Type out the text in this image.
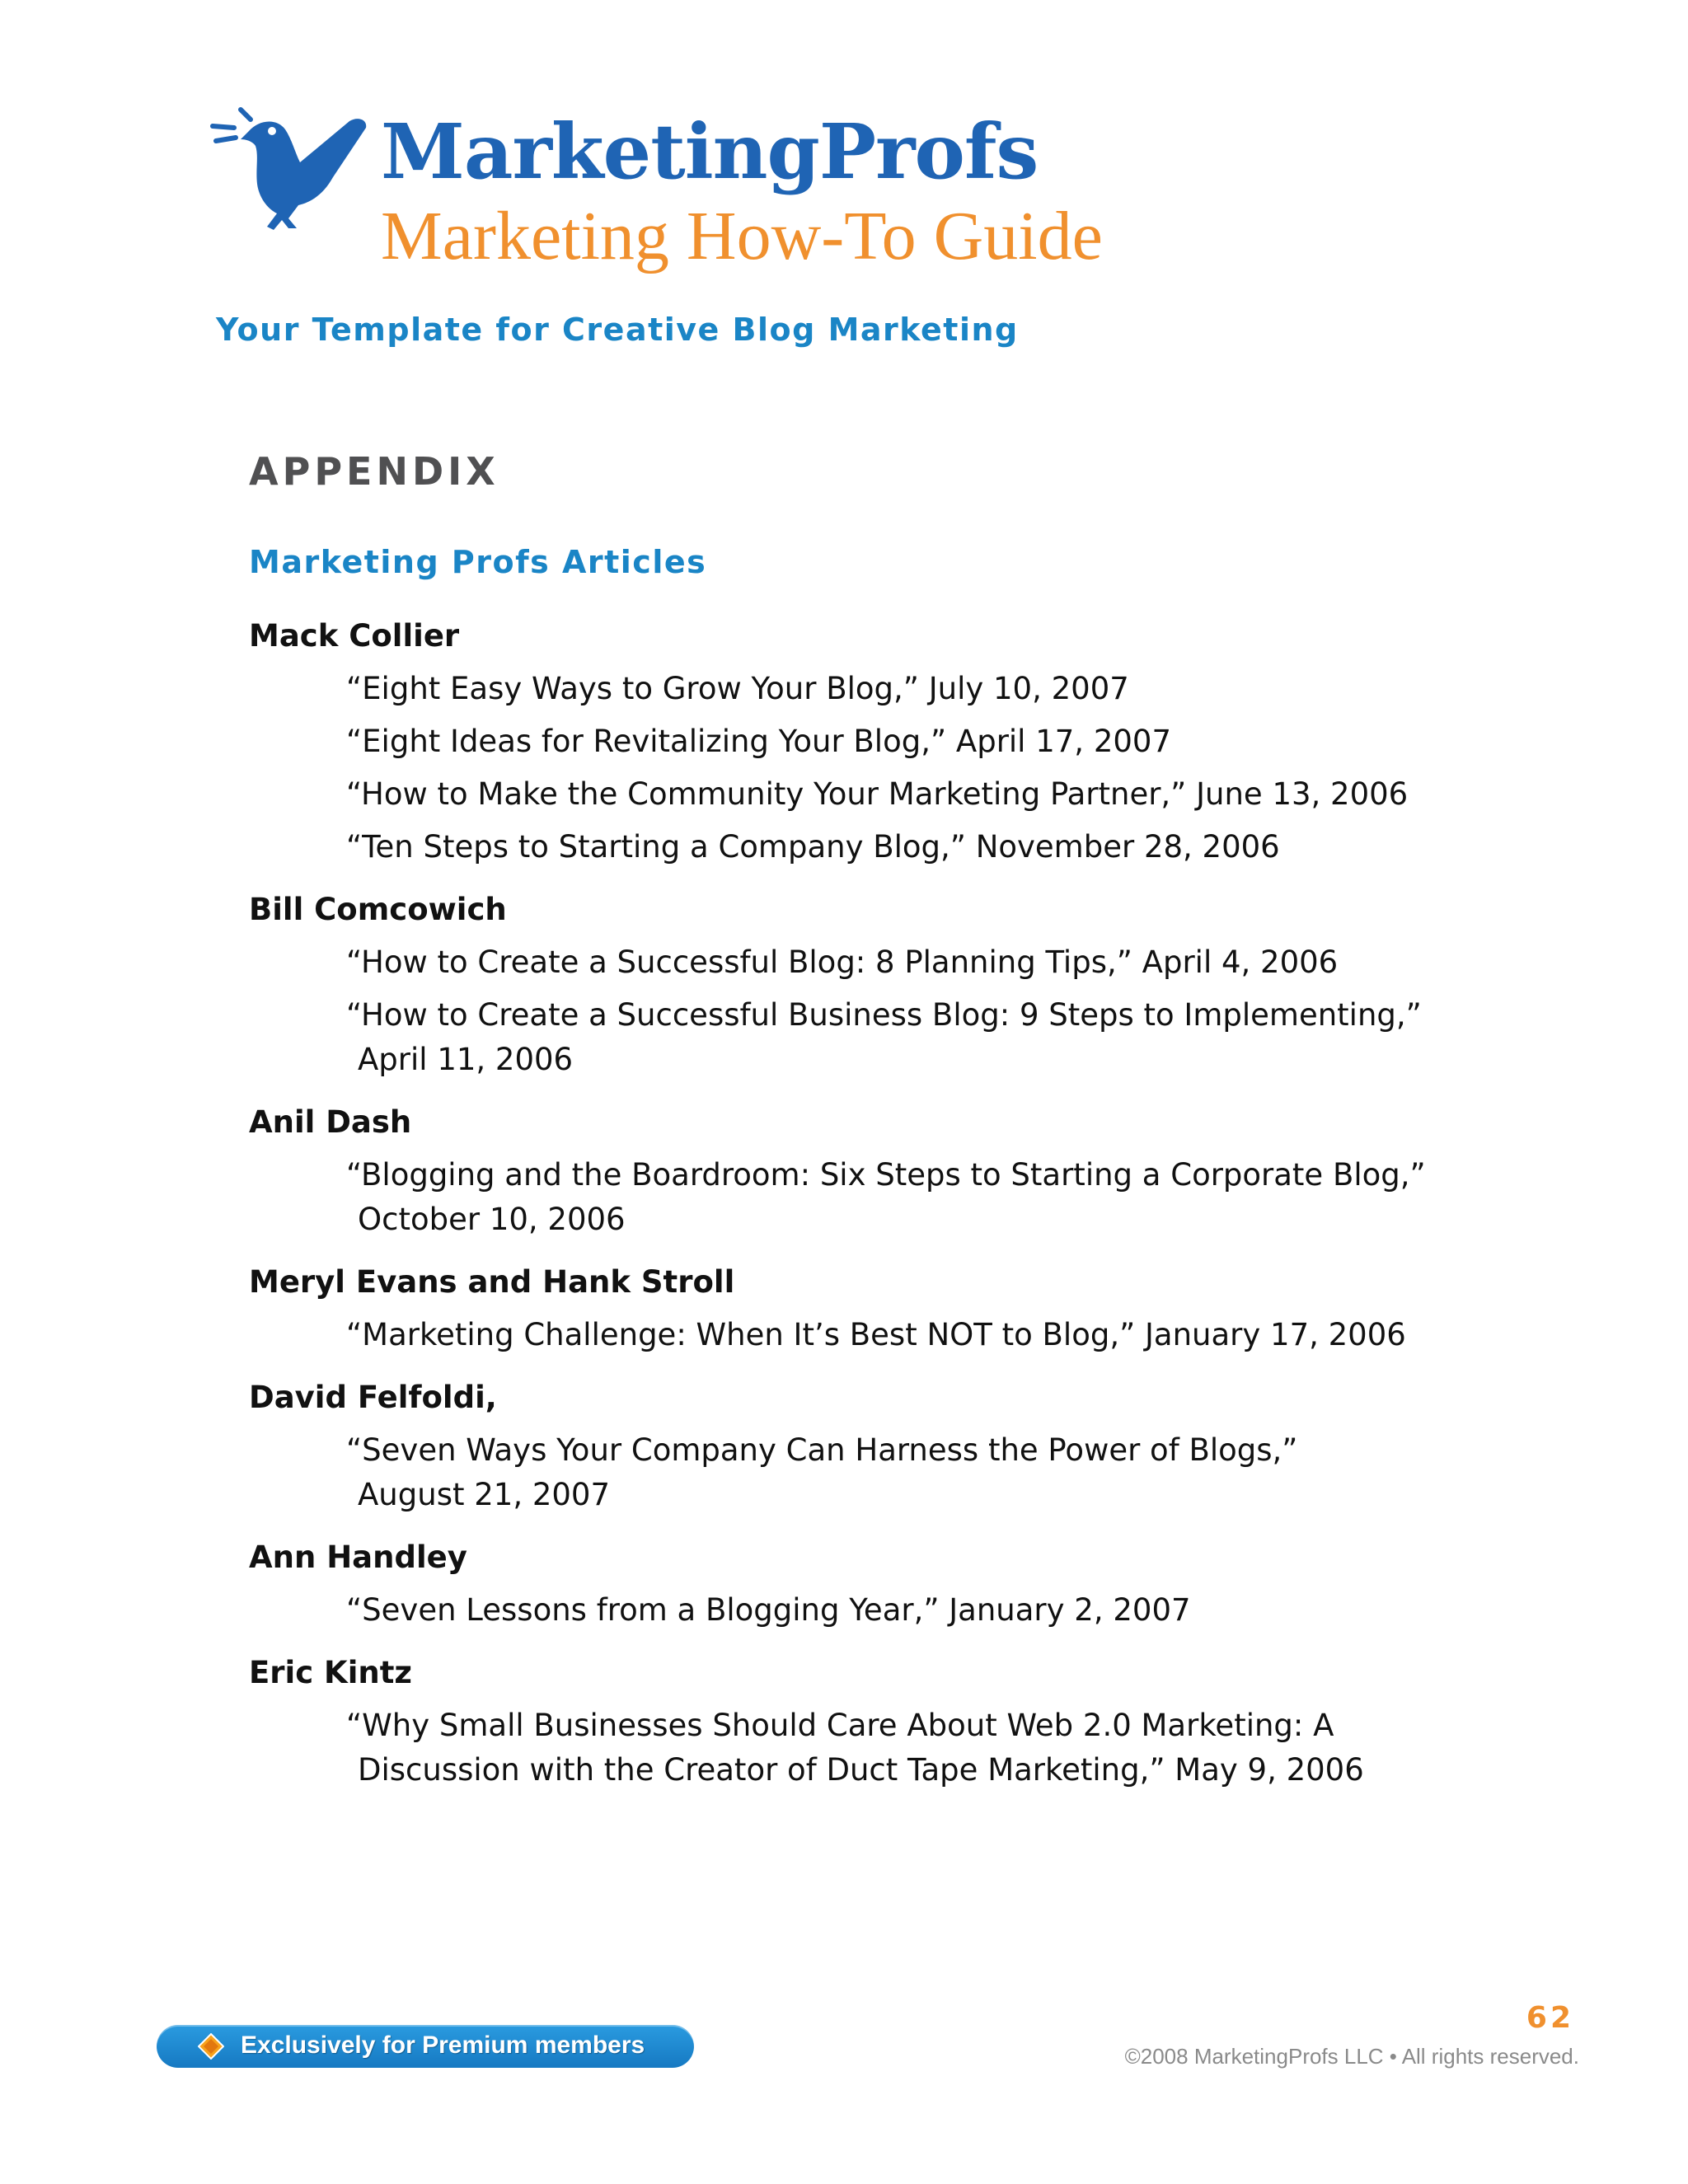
MarketingProfs
Marketing How-To Guide
Your Template for Creative Blog Marketing
APPENDIX
Marketing Profs Articles
Mack Collier
“Eight Easy Ways to Grow Your Blog,” July 10, 2007
“Eight Ideas for Revitalizing Your Blog,” April 17, 2007
“How to Make the Community Your Marketing Partner,” June 13, 2006
“Ten Steps to Starting a Company Blog,” November 28, 2006
Bill Comcowich
“How to Create a Successful Blog: 8 Planning Tips,” April 4, 2006
“How to Create a Successful Business Blog: 9 Steps to Implementing,”
April 11, 2006
Anil Dash
“Blogging and the Boardroom: Six Steps to Starting a Corporate Blog,”
October 10, 2006
Meryl Evans and Hank Stroll
“Marketing Challenge: When It’s Best NOT to Blog,” January 17, 2006
David Felfoldi,
“Seven Ways Your Company Can Harness the Power of Blogs,”
August 21, 2007
Ann Handley
“Seven Lessons from a Blogging Year,” January 2, 2007
Eric Kintz
“Why Small Businesses Should Care About Web 2.0 Marketing: A
Discussion with the Creator of Duct Tape Marketing,” May 9, 2006
Exclusively for Premium members
62
©2008 MarketingProfs LLC • All rights reserved.
